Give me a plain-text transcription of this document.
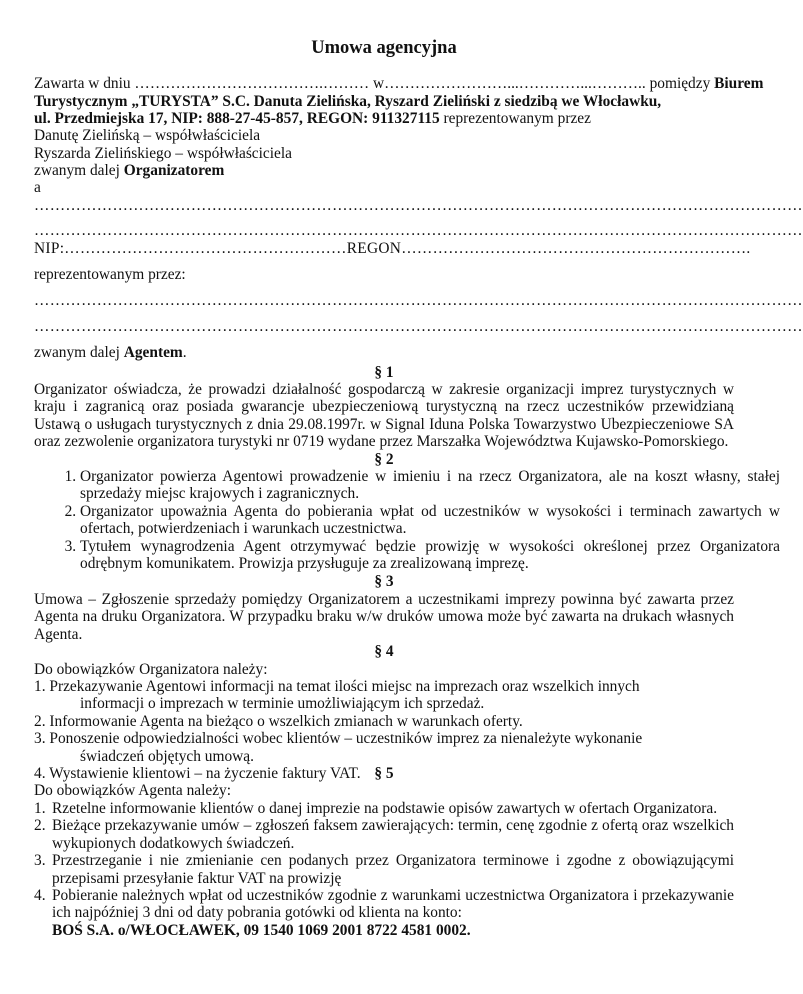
Umowa agencyjna
Zawarta w dniu ……………………………….……… w……………………...…………...……….. pomiędzy Biurem
Turystycznym „TURYSTA” S.C. Danuta Zielińska, Ryszard Zieliński z siedzibą we Włocławku,
ul. Przedmiejska 17, NIP: 888-27-45-857, REGON: 911327115 reprezentowanym przez
Danutę Zielińską – współwłaściciela
Ryszarda Zielińskiego – współwłaściciela
zwanym dalej Organizatorem
a
…………………………………………………………………………………………………………………………………
…………………………………………………………………………………………………………………………………
NIP:………………………………………………REGON………………………………………………………….
reprezentowanym przez:
…………………………………………………………………………………………………………………………………
…………………………………………………………………………………………………………………………………
zwanym dalej Agentem.
§ 1
Organizator oświadcza, że prowadzi działalność gospodarczą w zakresie organizacji imprez turystycznych w kraju i zagranicą oraz posiada gwarancje ubezpieczeniową turystyczną na rzecz uczestników przewidzianą Ustawą o usługach turystycznych z dnia 29.08.1997r. w Signal Iduna Polska Towarzystwo Ubezpieczeniowe SA oraz zezwolenie organizatora turystyki nr 0719 wydane przez Marszałka Województwa Kujawsko-Pomorskiego.
§ 2
1. Organizator powierza Agentowi prowadzenie w imieniu i na rzecz Organizatora, ale na koszt własny, stałej sprzedaży miejsc krajowych i zagranicznych.
2. Organizator upoważnia Agenta do pobierania wpłat od uczestników w wysokości i terminach zawartych w ofertach, potwierdzeniach i warunkach uczestnictwa.
3. Tytułem wynagrodzenia Agent otrzymywać będzie prowizję w wysokości określonej przez Organizatora odrębnym komunikatem. Prowizja przysługuje za zrealizowaną imprezę.
§ 3
Umowa – Zgłoszenie sprzedaży pomiędzy Organizatorem a uczestnikami imprezy powinna być zawarta przez Agenta na druku Organizatora. W przypadku braku w/w druków umowa może być zawarta na drukach własnych Agenta.
§ 4
Do obowiązków Organizatora należy:
1. Przekazywanie Agentowi informacji na temat ilości miejsc na imprezach oraz wszelkich innych
informacji o imprezach w terminie umożliwiającym ich sprzedaż.
2. Informowanie Agenta na bieżąco o wszelkich zmianach w warunkach oferty.
3. Ponoszenie odpowiedzialności wobec klientów – uczestników imprez za nienależyte wykonanie
świadczeń objętych umową.
4. Wystawienie klientowi – na życzenie faktury VAT. § 5
Do obowiązków Agenta należy:
1. Rzetelne informowanie klientów o danej imprezie na podstawie opisów zawartych w ofertach Organizatora.
2. Bieżące przekazywanie umów – zgłoszeń faksem zawierających: termin, cenę zgodnie z ofertą oraz wszelkich wykupionych dodatkowych świadczeń.
3. Przestrzeganie i nie zmienianie cen podanych przez Organizatora terminowe i zgodne z obowiązującymi przepisami przesyłanie faktur VAT na prowizję
4. Pobieranie należnych wpłat od uczestników zgodnie z warunkami uczestnictwa Organizatora i przekazywanie ich najpóźniej 3 dni od daty pobrania gotówki od klienta na konto:
BOŚ S.A. o/WŁOCŁAWEK, 09 1540 1069 2001 8722 4581 0002.
